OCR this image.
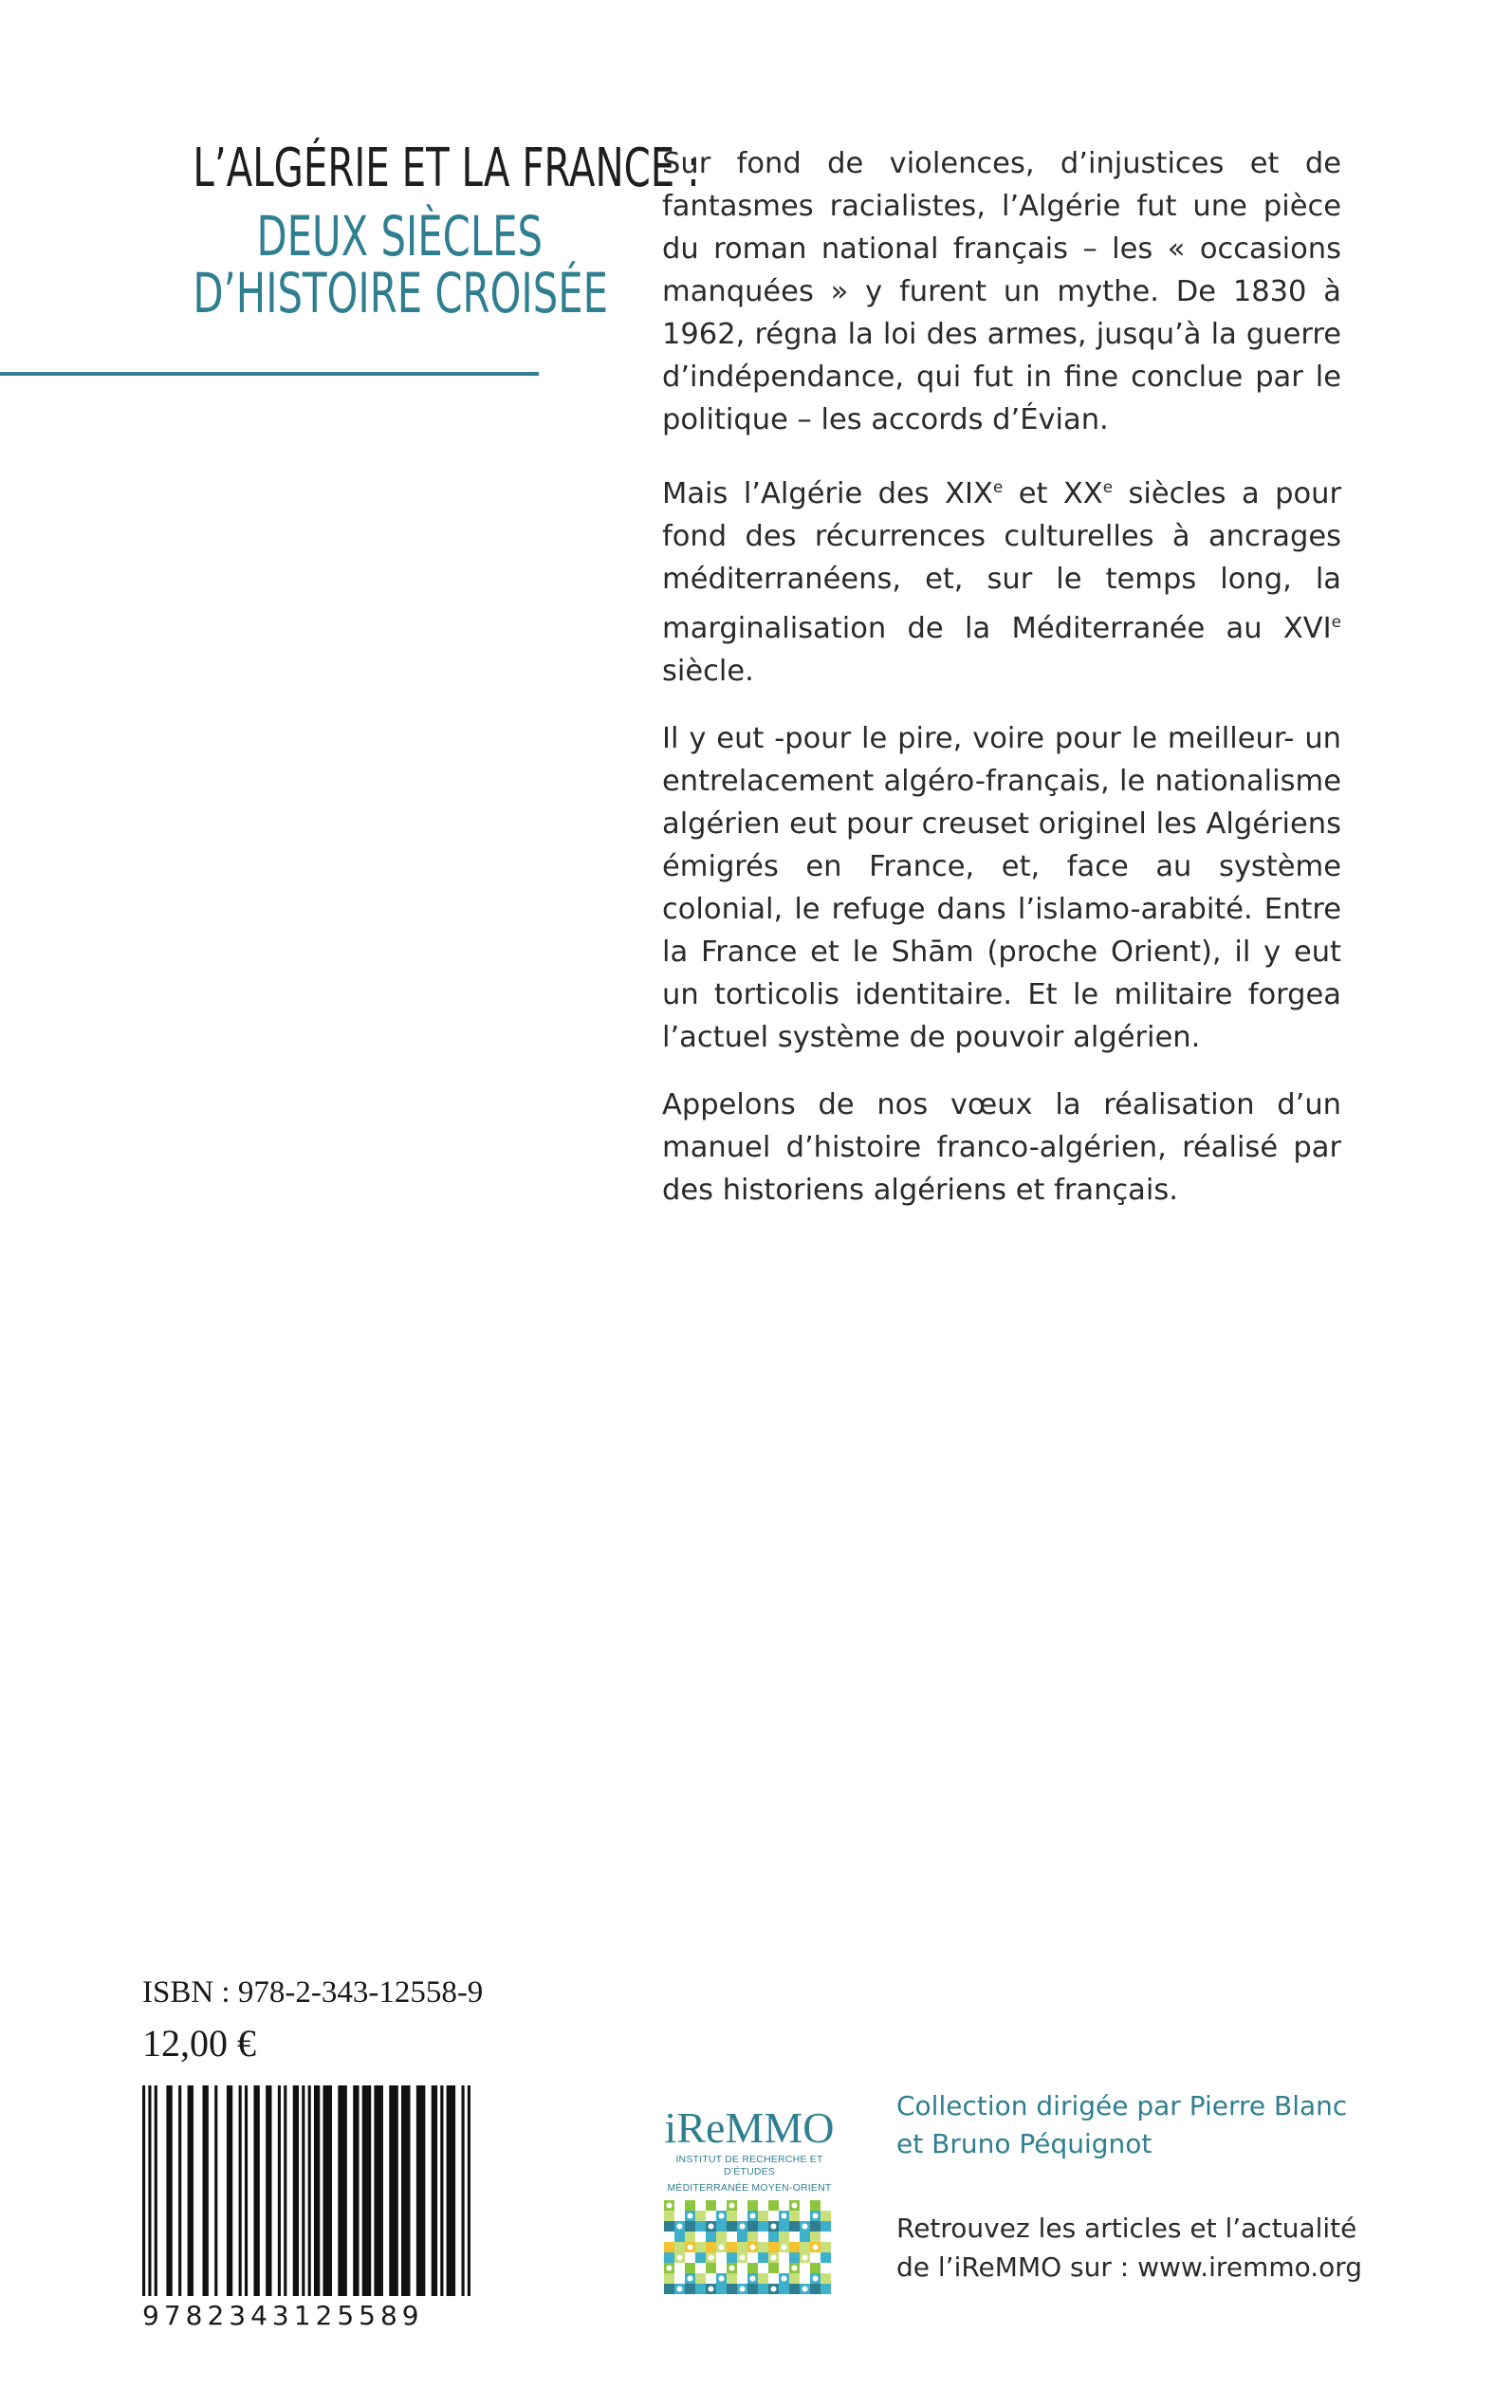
L’ALGÉRIE ET LA FRANCE :
DEUX SIÈCLES
D’HISTOIRE CROISÉE

Sur fond de violences, d’injustices et de fantasmes racialistes, l’Algérie fut une pièce du roman national français – les « occasions manquées » y furent un mythe. De 1830 à 1962, régna la loi des armes, jusqu’à la guerre d’indépendance, qui fut in fine conclue par le politique – les accords d’Évian.

Mais l’Algérie des XIXe et XXe siècles a pour fond des récurrences culturelles à ancrages méditerranéens, et, sur le temps long, la marginalisation de la Méditerranée au XVIe siècle.

Il y eut -pour le pire, voire pour le meilleur- un entrelacement algéro-français, le nationalisme algérien eut pour creuset originel les Algériens émigrés en France, et, face au système colonial, le refuge dans l’islamo-arabité. Entre la France et le Shām (proche Orient), il y eut un torticolis identitaire. Et le militaire forgea l’actuel système de pouvoir algérien.

Appelons de nos vœux la réalisation d’un manuel d’histoire franco-algérien, réalisé par des historiens algériens et français.

ISBN : 978-2-343-12558-9
12,00 €
9782343125589
iReMMO
INSTITUT DE RECHERCHE ET D’ÉTUDES
MÉDITERRANÉE MOYEN-ORIENT
Collection dirigée par Pierre Blanc
et Bruno Péquignot
Retrouvez les articles et l’actualité
de l’iReMMO sur : www.iremmo.org
